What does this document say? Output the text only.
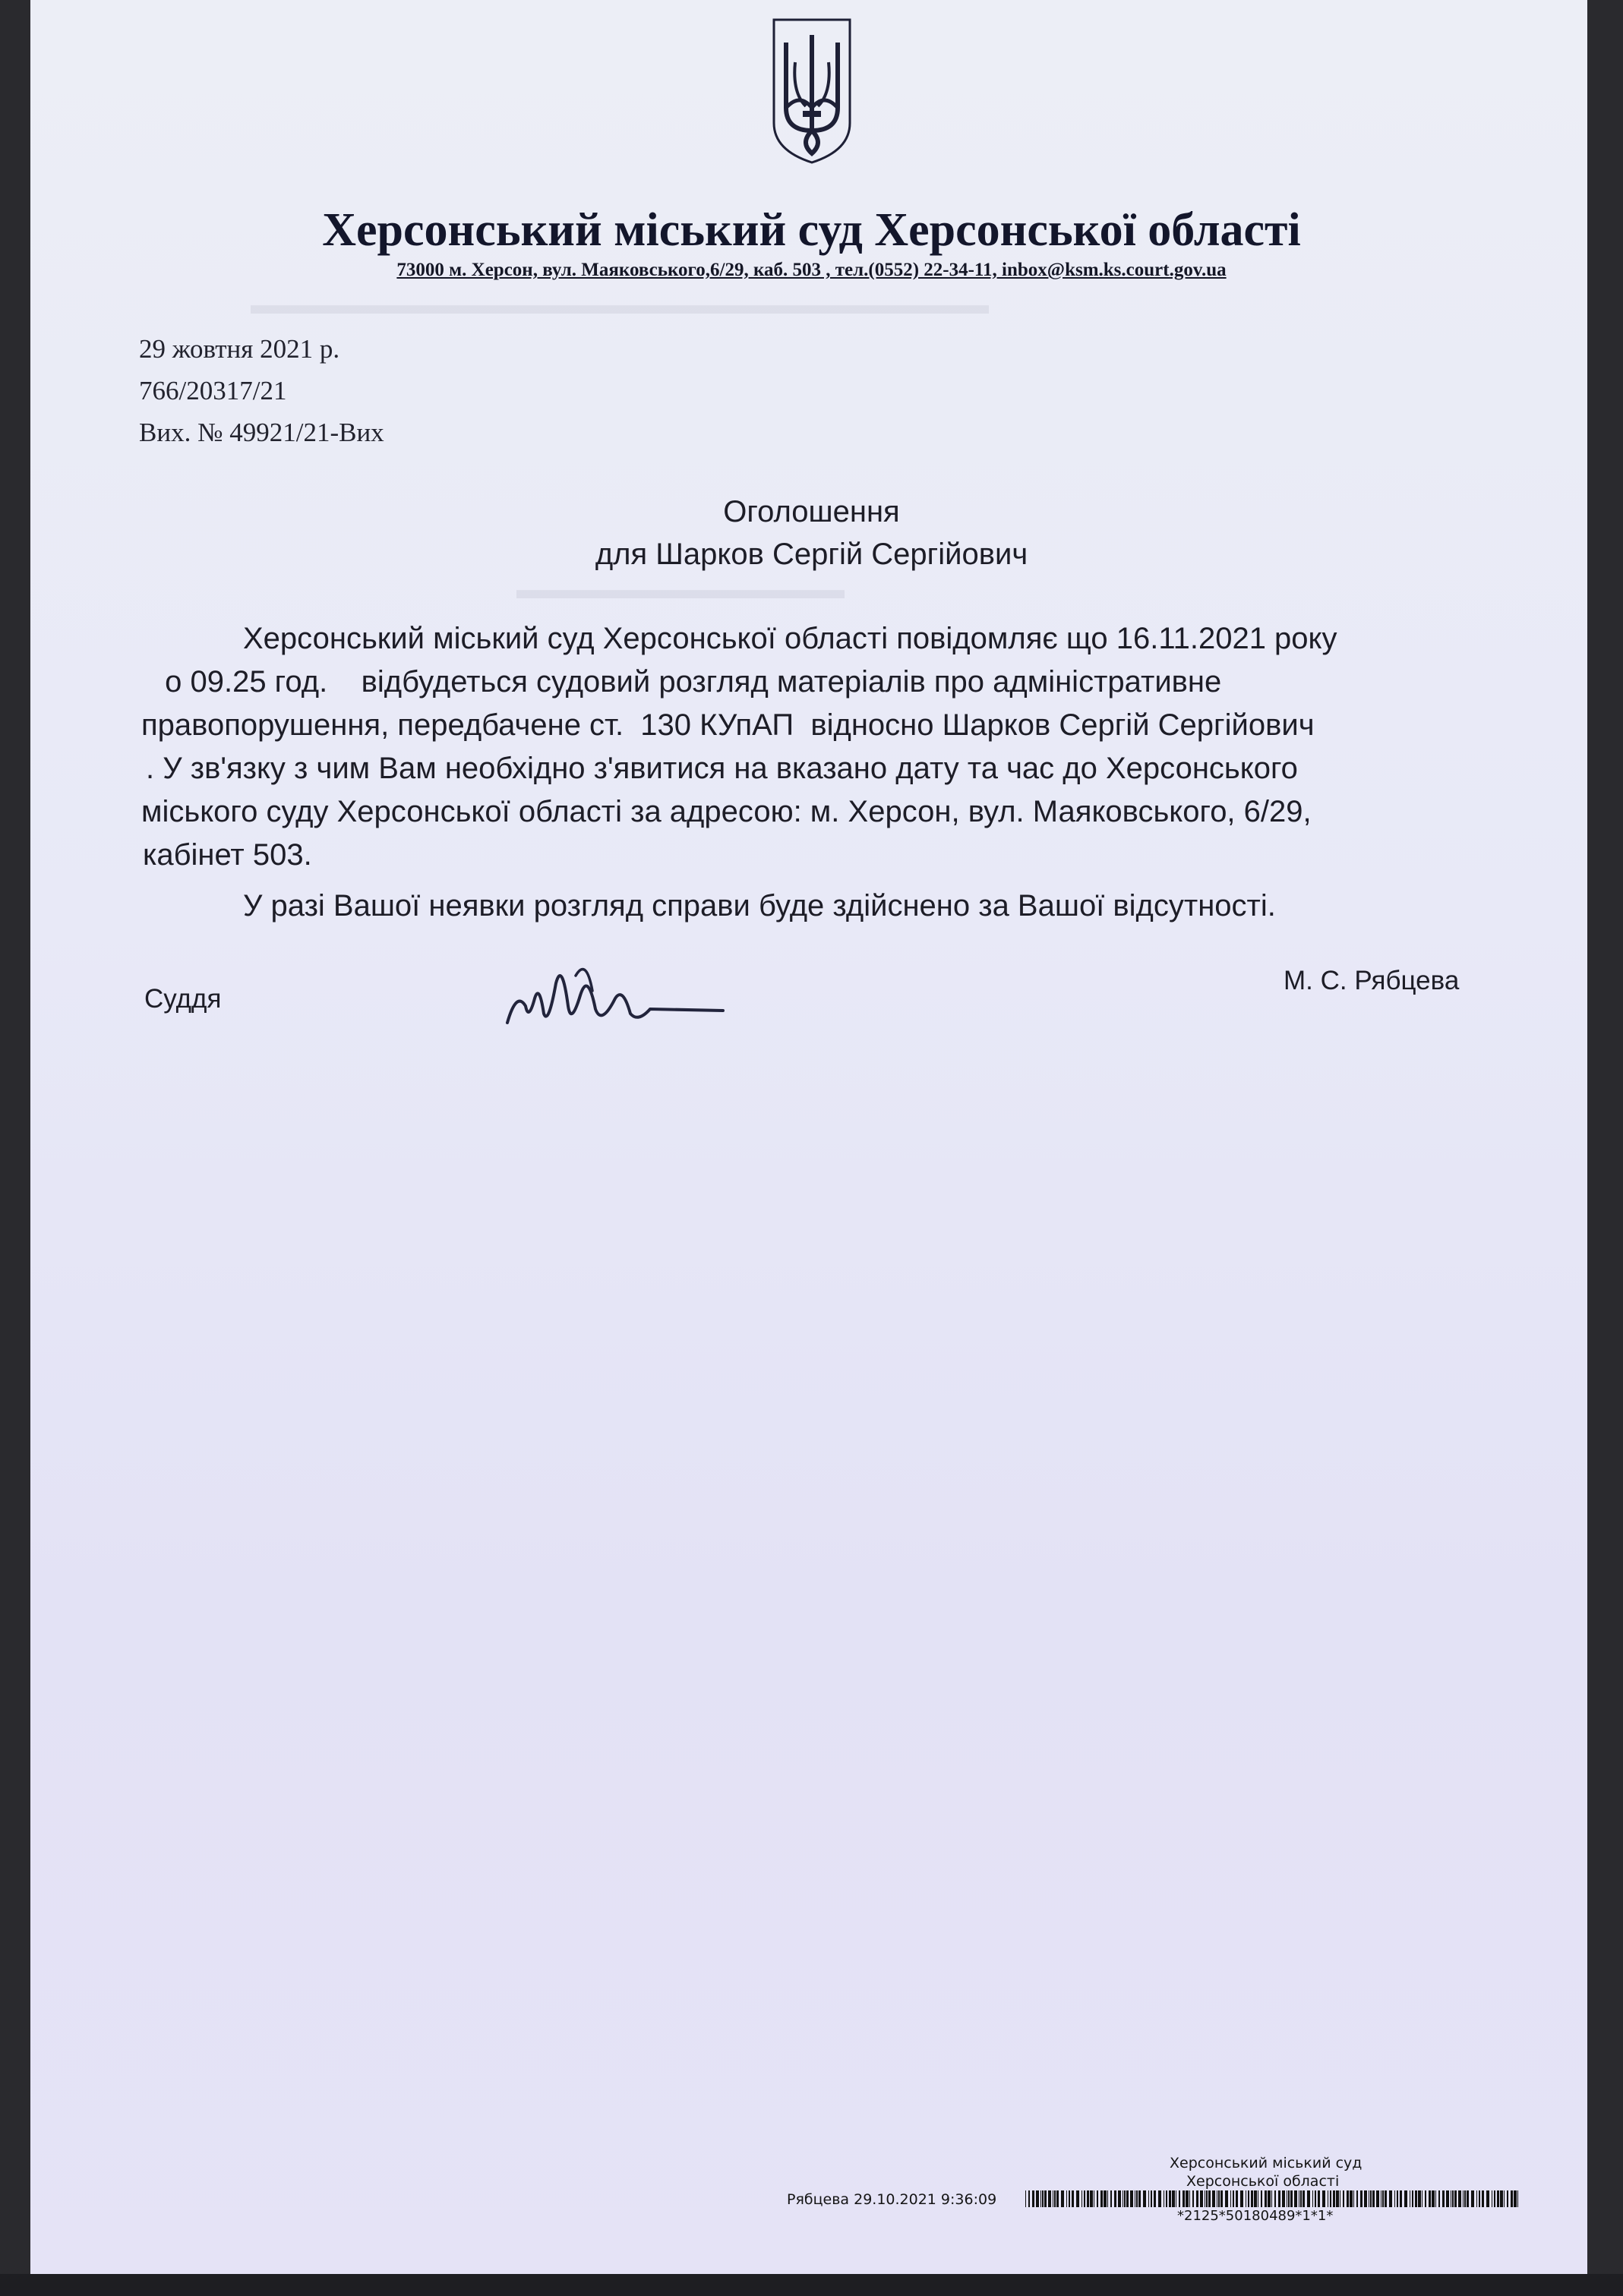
▬▬▬▬▬▬▬▬▬▬▬▬▬▬▬▬▬▬▬▬▬▬▬▬▬▬▬
▬▬▬▬▬▬▬▬▬▬▬▬
Херсонський міський суд Херсонської області
73000 м. Херсон, вул. Маяковського,6/29, каб. 503 , тел.(0552) 22-34-11, inbox@ksm.ks.court.gov.ua
29 жовтня 2021 р.
766/20317/21
Вих. № 49921/21-Вих
Оголошення
для Шарков Сергій Сергійович
Херсонський міський суд Херсонської області повідомляє що 16.11.2021 року
о 09.25 год.    відбудеться судовий розгляд матеріалів про адміністративне
правопорушення, передбачене ст.  130 КУпАП  відносно Шарков Сергій Сергійович
. У зв'язку з чим Вам необхідно з'явитися на вказано дату та час до Херсонського
міського суду Херсонської області за адресою: м. Херсон, вул. Маяковського, 6/29,
кабінет 503.
У разі Вашої неявки розгляд справи буде здійснено за Вашої відсутності.
Суддя
М. С. Рябцева
Херсонський міський суд
Херсонської області
Рябцева 29.10.2021 9:36:09
*2125*50180489*1*1*
